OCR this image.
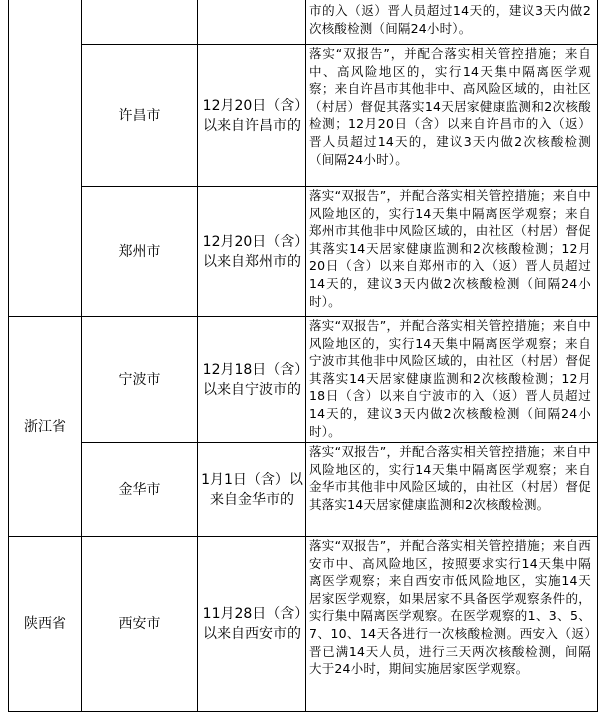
市的入（返）晋人员超过14天的，建议3天内做2次核酸检测（间隔24小时）。
许昌市
12月20日（含）以来自许昌市的
落实“双报告”，并配合落实相关管控措施；来自中、高风险地区的，实行14天集中隔离医学观察；来自许昌市其他非中、高风险区域的，由社区（村居）督促其落实14天居家健康监测和2次核酸检测；12月20日（含）以来自许昌市的入（返）晋人员超过14天的，建议3天内做2次核酸检测（间隔24小时）。
郑州市
12月20日（含）以来自郑州市的
落实“双报告”，并配合落实相关管控措施；来自中风险地区的，实行14天集中隔离医学观察；来自郑州市其他非中风险区域的，由社区（村居）督促其落实14天居家健康监测和2次核酸检测；12月20日（含）以来自郑州市的入（返）晋人员超过14天的，建议3天内做2次核酸检测（间隔24小时）。
浙江省
宁波市
12月18日（含）以来自宁波市的
落实“双报告”，并配合落实相关管控措施；来自中风险地区的，实行14天集中隔离医学观察；来自宁波市其他非中风险区域的，由社区（村居）督促其落实14天居家健康监测和2次核酸检测；12月18日（含）以来自宁波市的入（返）晋人员超过14天的，建议3天内做2次核酸检测（间隔24小时）。
金华市
1月1日（含）以来自金华市的
落实“双报告”，并配合落实相关管控措施；来自中风险地区的，实行14天集中隔离医学观察；来自金华市其他非中风险区域的，由社区（村居）督促其落实14天居家健康监测和2次核酸检测。
陕西省	西安市
11月28日（含）以来自西安市的
落实“双报告”，并配合落实相关管控措施；来自西安市中、高风险地区，按照要求实行14天集中隔离医学观察；来自西安市低风险地区，实施14天居家医学观察，如果居家不具备医学观察条件的，实行集中隔离医学观察。在医学观察的1、3、5、7、10、14天各进行一次核酸检测。西安入（返）晋已满14天人员，进行三天两次核酸检测，间隔大于24小时，期间实施居家医学观察。
